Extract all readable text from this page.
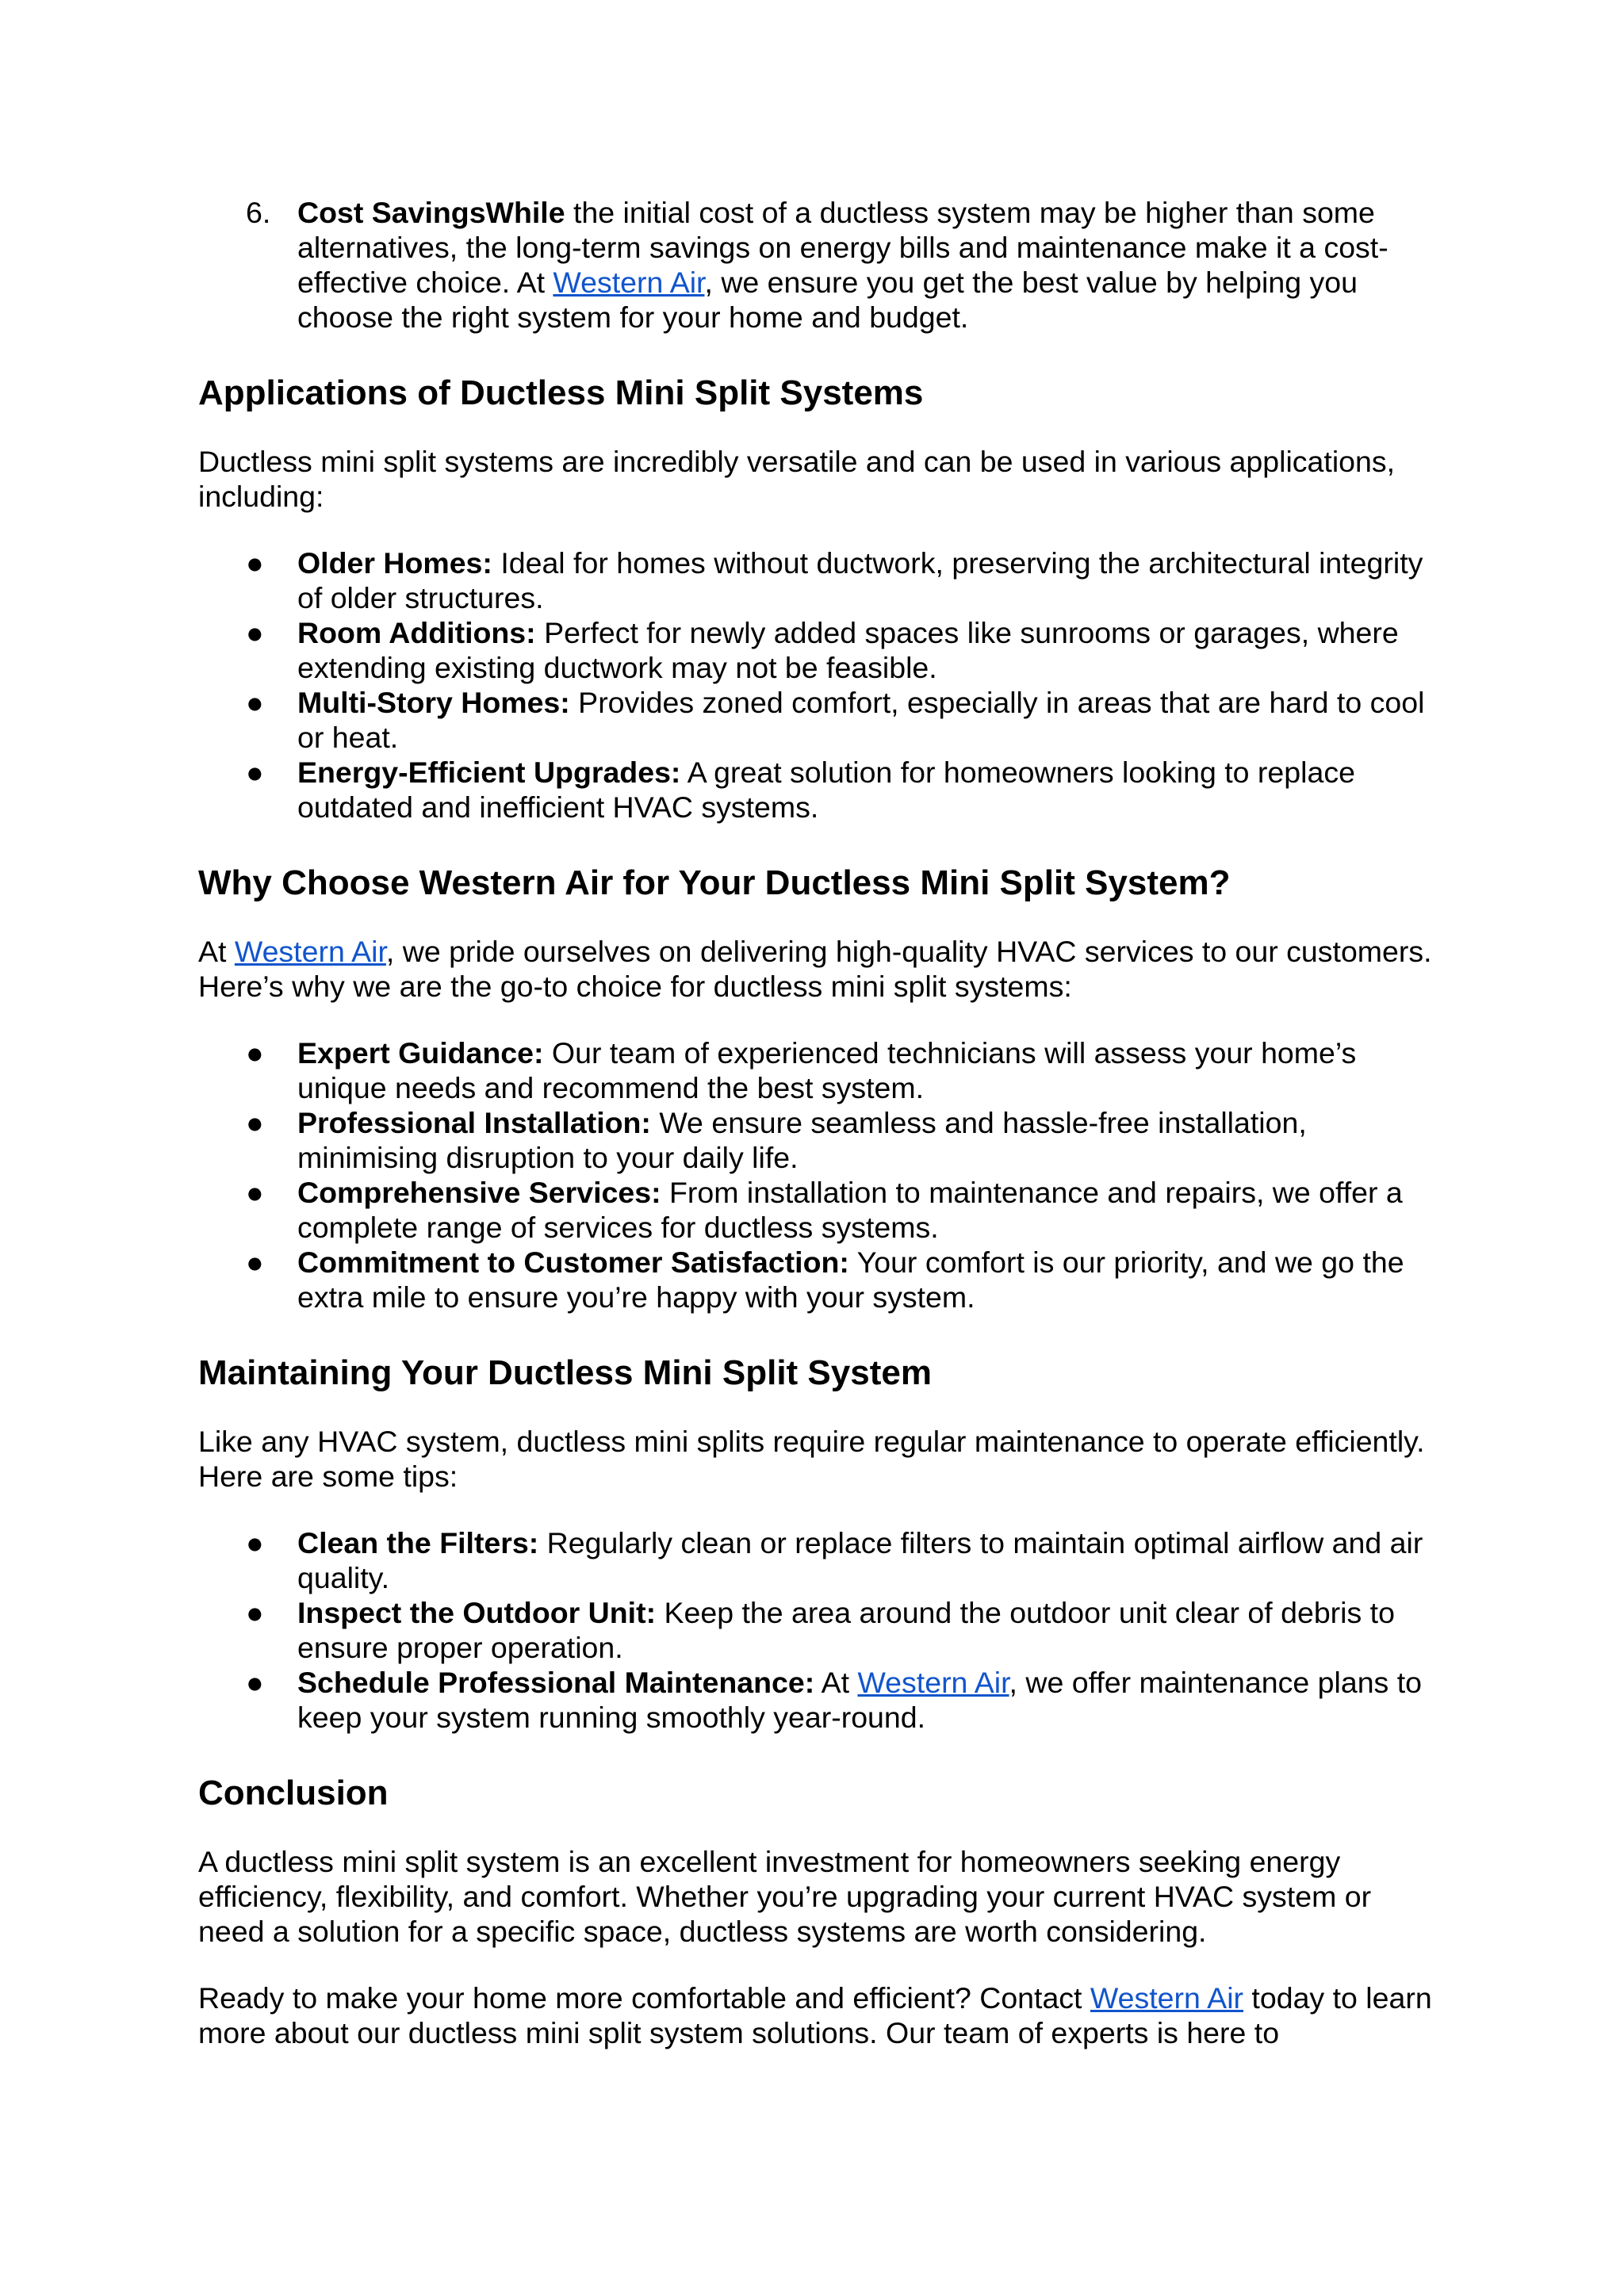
6. Cost SavingsWhile the initial cost of a ductless system may be higher than some alternatives, the long-term savings on energy bills and maintenance make it a cost-effective choice. At Western Air, we ensure you get the best value by helping you choose the right system for your home and budget.
Applications of Ductless Mini Split Systems

Ductless mini split systems are incredibly versatile and can be used in various applications, including:

● Older Homes: Ideal for homes without ductwork, preserving the architectural integrity of older structures.
● Room Additions: Perfect for newly added spaces like sunrooms or garages, where extending existing ductwork may not be feasible.
● Multi-Story Homes: Provides zoned comfort, especially in areas that are hard to cool or heat.
● Energy-Efficient Upgrades: A great solution for homeowners looking to replace outdated and inefficient HVAC systems.
Why Choose Western Air for Your Ductless Mini Split System?

At Western Air, we pride ourselves on delivering high-quality HVAC services to our customers. Here’s why we are the go-to choice for ductless mini split systems:

● Expert Guidance: Our team of experienced technicians will assess your home’s unique needs and recommend the best system.
● Professional Installation: We ensure seamless and hassle-free installation, minimising disruption to your daily life.
● Comprehensive Services: From installation to maintenance and repairs, we offer a complete range of services for ductless systems.
● Commitment to Customer Satisfaction: Your comfort is our priority, and we go the extra mile to ensure you’re happy with your system.
Maintaining Your Ductless Mini Split System

Like any HVAC system, ductless mini splits require regular maintenance to operate efficiently. Here are some tips:

● Clean the Filters: Regularly clean or replace filters to maintain optimal airflow and air quality.
● Inspect the Outdoor Unit: Keep the area around the outdoor unit clear of debris to ensure proper operation.
● Schedule Professional Maintenance: At Western Air, we offer maintenance plans to keep your system running smoothly year-round.
Conclusion

A ductless mini split system is an excellent investment for homeowners seeking energy efficiency, flexibility, and comfort. Whether you’re upgrading your current HVAC system or need a solution for a specific space, ductless systems are worth considering.

Ready to make your home more comfortable and efficient? Contact Western Air today to learn more about our ductless mini split system solutions. Our team of experts is here to
